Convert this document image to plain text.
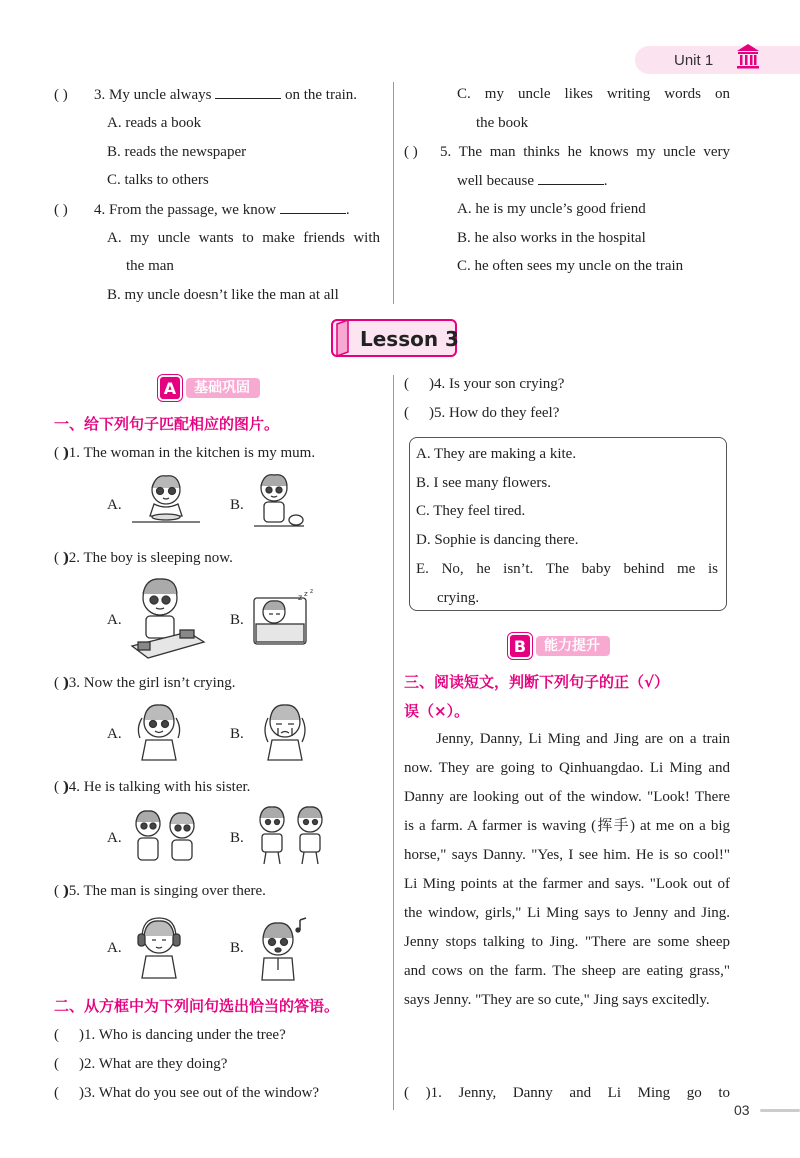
Unit 1
( ) 3. My uncle always	on the train.
A. reads a book
B. reads the newspaper
C. talks to others
( ) 4. From the passage, we know	.
A. my uncle wants to make friends with
the man
B. my uncle doesn’t like the man at all
C. my uncle likes writing words on
the book
( ) 5. The man thinks he knows my uncle very
well because	.
A. he is my uncle’s good friend
B. he also works in the hospital
C. he often sees my uncle on the train
Lesson 3
A	基础巩固
一、给下列句子匹配相应的图片。
( ))1. The woman in the kitchen is my mum.
( ))2. The boy is sleeping now.
( ))3. Now the girl isn’t crying.
( ))4. He is talking with his sister.
( ))5. The man is singing over there.
A.	B.
A.	B.
A.	B.
A.	B.
A.	B.
z z z
二、从方框中为下列问句选出恰当的答语。
( )1. Who is dancing under the tree?
( )2. What are they doing?
( )3. What do you see out of the window?
( )4. Is your son crying?
( )5. How do they feel?
A. They are making a kite.
B. I see many flowers.
C. They feel tired.
D. Sophie is dancing there.
E. No, he isn’t. The baby behind me is
crying.
B	能力提升
三、阅读短文，判断下列句子的正（√）
误（×）。
Jenny, Danny, Li Ming and Jing are on a train now. They are going to Qinhuangdao. Li Ming and Danny are looking out of the window. "Look! There is a farm. A farmer is waving (挥手) at me on a big horse," says Danny. "Yes, I see him. He is so cool!" Li Ming points at the farmer and says. "Look out of the window, girls," Li Ming says to Jenny and Jing. Jenny stops talking to Jing. "There are some sheep and cows on the farm. The sheep are eating grass," says Jenny. "They are so cute," Jing says excitedly.
( )1. Jenny, Danny and Li Ming go to
03
